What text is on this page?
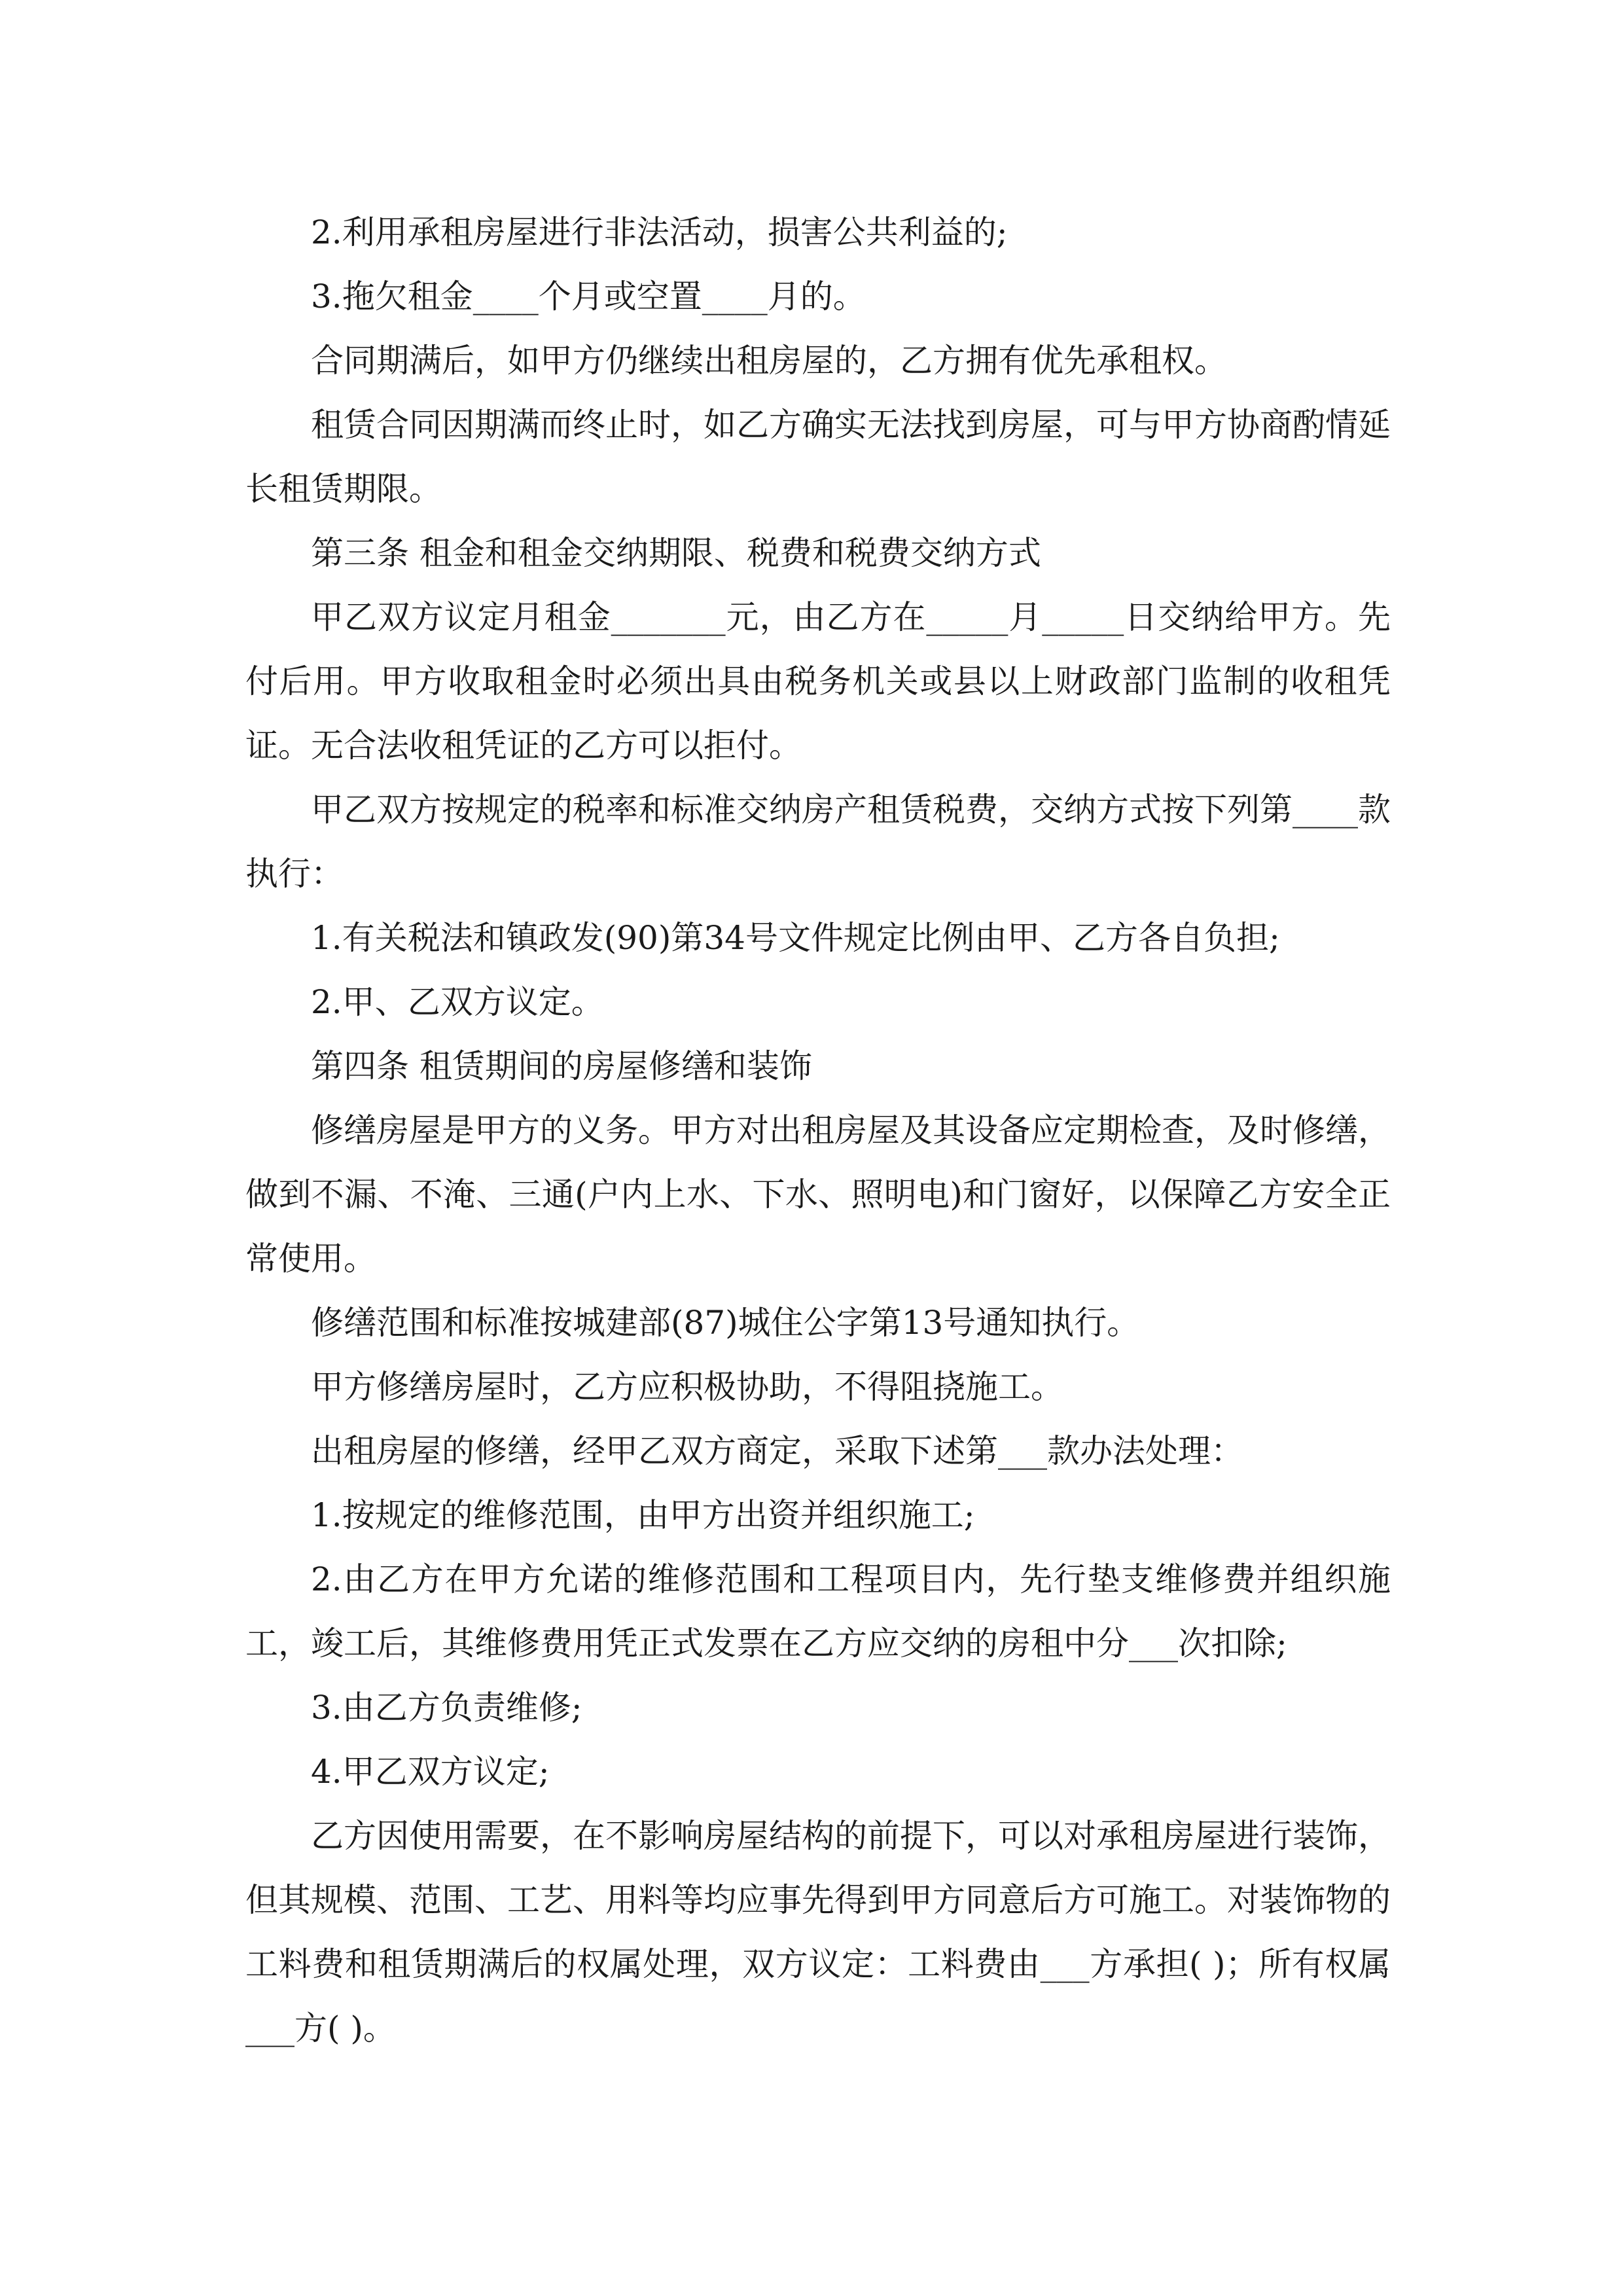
2.利用承租房屋进行非法活动，损害公共利益的;

3.拖欠租金____个月或空置____月的。

合同期满后，如甲方仍继续出租房屋的，乙方拥有优先承租权。

租赁合同因期满而终止时，如乙方确实无法找到房屋，可与甲方协商酌情延长租赁期限。

第三条 租金和租金交纳期限、税费和税费交纳方式

甲乙双方议定月租金_______元，由乙方在_____月_____日交纳给甲方。先付后用。甲方收取租金时必须出具由税务机关或县以上财政部门监制的收租凭证。无合法收租凭证的乙方可以拒付。

甲乙双方按规定的税率和标准交纳房产租赁税费，交纳方式按下列第____款执行：

1.有关税法和镇政发(90)第34号文件规定比例由甲、乙方各自负担;

2.甲、乙双方议定。

第四条 租赁期间的房屋修缮和装饰

修缮房屋是甲方的义务。甲方对出租房屋及其设备应定期检查，及时修缮，做到不漏、不淹、三通(户内上水、下水、照明电)和门窗好，以保障乙方安全正常使用。

修缮范围和标准按城建部(87)城住公字第13号通知执行。

甲方修缮房屋时，乙方应积极协助，不得阻挠施工。

出租房屋的修缮，经甲乙双方商定，采取下述第___款办法处理：

1.按规定的维修范围，由甲方出资并组织施工;

2.由乙方在甲方允诺的维修范围和工程项目内，先行垫支维修费并组织施工，竣工后，其维修费用凭正式发票在乙方应交纳的房租中分___次扣除;

3.由乙方负责维修;

4.甲乙双方议定;

乙方因使用需要，在不影响房屋结构的前提下，可以对承租房屋进行装饰，但其规模、范围、工艺、用料等均应事先得到甲方同意后方可施工。对装饰物的工料费和租赁期满后的权属处理，双方议定：工料费由___方承担( )；所有权属___方( )。
